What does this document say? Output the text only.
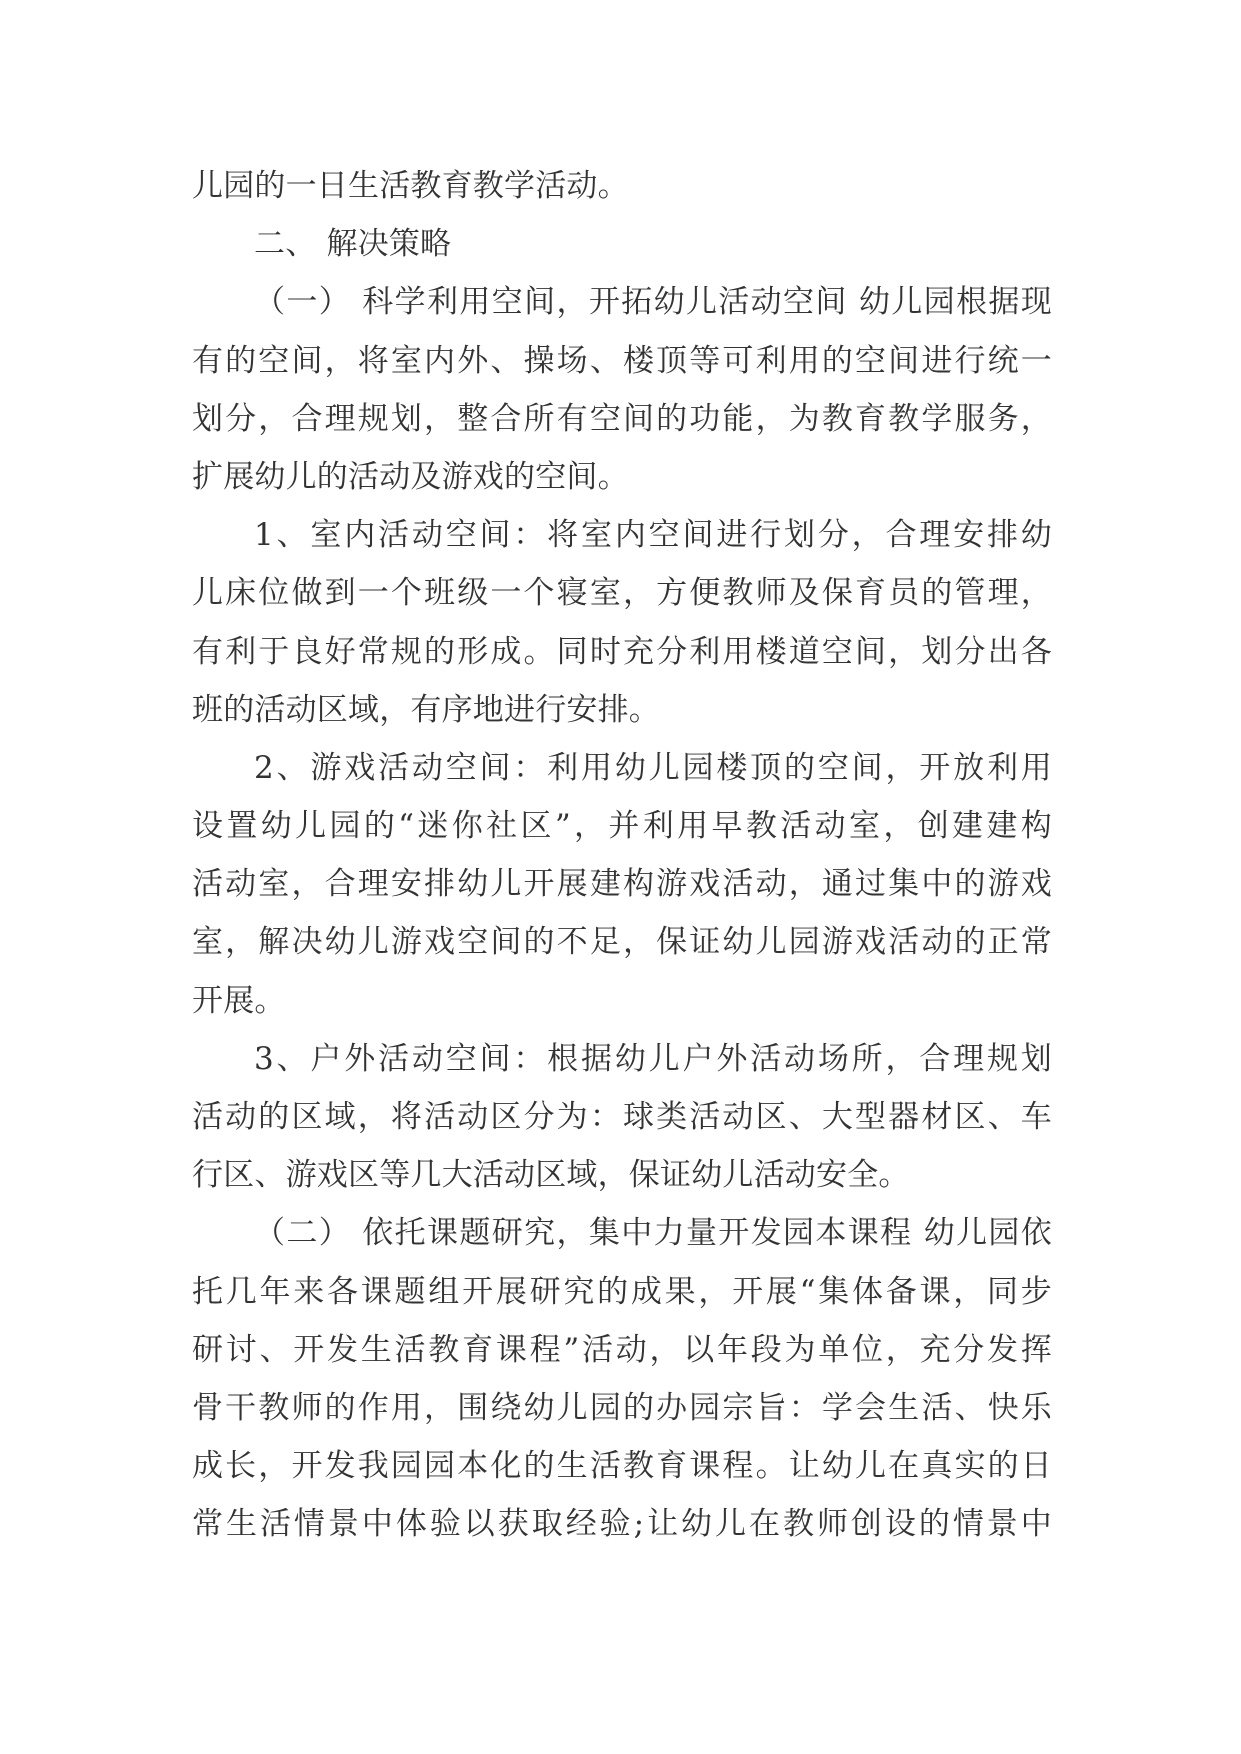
儿园的一日生活教育教学活动。
二、 解决策略
（一） 科学利用空间，开拓幼儿活动空间 幼儿园根据现
有的空间，将室内外、操场、楼顶等可利用的空间进行统一
划分，合理规划，整合所有空间的功能，为教育教学服务，
扩展幼儿的活动及游戏的空间。
1、室内活动空间：将室内空间进行划分，合理安排幼
儿床位做到一个班级一个寝室，方便教师及保育员的管理，
有利于良好常规的形成。同时充分利用楼道空间，划分出各
班的活动区域，有序地进行安排。
2、游戏活动空间：利用幼儿园楼顶的空间，开放利用
设置幼儿园的“迷你社区”，并利用早教活动室，创建建构
活动室，合理安排幼儿开展建构游戏活动，通过集中的游戏
室，解决幼儿游戏空间的不足，保证幼儿园游戏活动的正常
开展。
3、户外活动空间：根据幼儿户外活动场所，合理规划
活动的区域，将活动区分为：球类活动区、大型器材区、车
行区、游戏区等几大活动区域，保证幼儿活动安全。
（二） 依托课题研究，集中力量开发园本课程 幼儿园依
托几年来各课题组开展研究的成果，开展“集体备课，同步
研讨、开发生活教育课程”活动，以年段为单位，充分发挥
骨干教师的作用，围绕幼儿园的办园宗旨：学会生活、快乐
成长，开发我园园本化的生活教育课程。让幼儿在真实的日
常生活情景中体验以获取经验;让幼儿在教师创设的情景中
